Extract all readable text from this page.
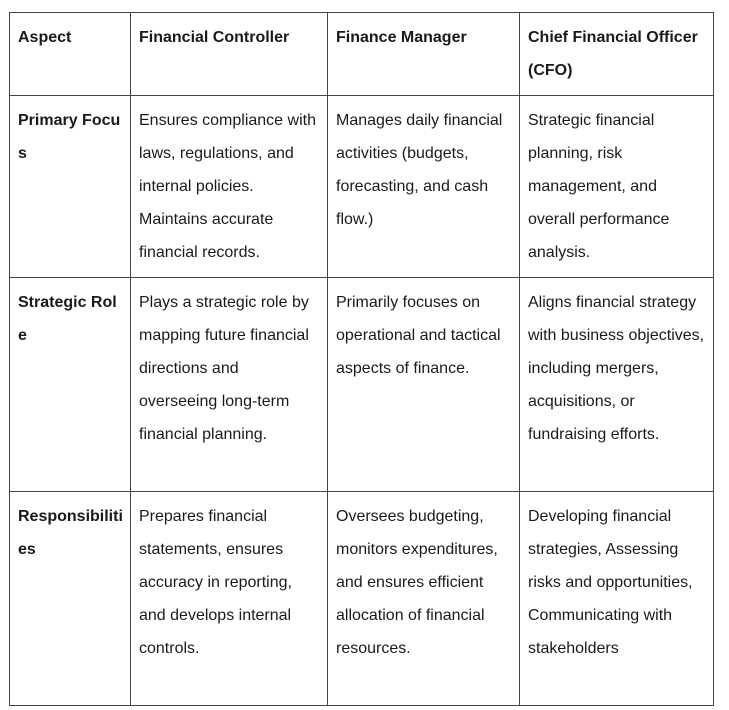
Aspect	Financial Controller	Finance Manager	Chief Financial Officer (CFO)
Primary Focus	Ensures compliance with laws, regulations, and internal policies. Maintains accurate financial records.	Manages daily financial activities (budgets, forecasting, and cash flow.)	Strategic financial planning, risk management, and overall performance analysis.
Strategic Role	Plays a strategic role by mapping future financial directions and overseeing long-term financial planning.	Primarily focuses on operational and tactical aspects of finance.	Aligns financial strategy with business objectives, including mergers, acquisitions, or fundraising efforts.
Responsibilities	Prepares financial statements, ensures accuracy in reporting, and develops internal controls.	Oversees budgeting, monitors expenditures, and ensures efficient allocation of financial resources.	Developing financial strategies, Assessing risks and opportunities, Communicating with stakeholders
